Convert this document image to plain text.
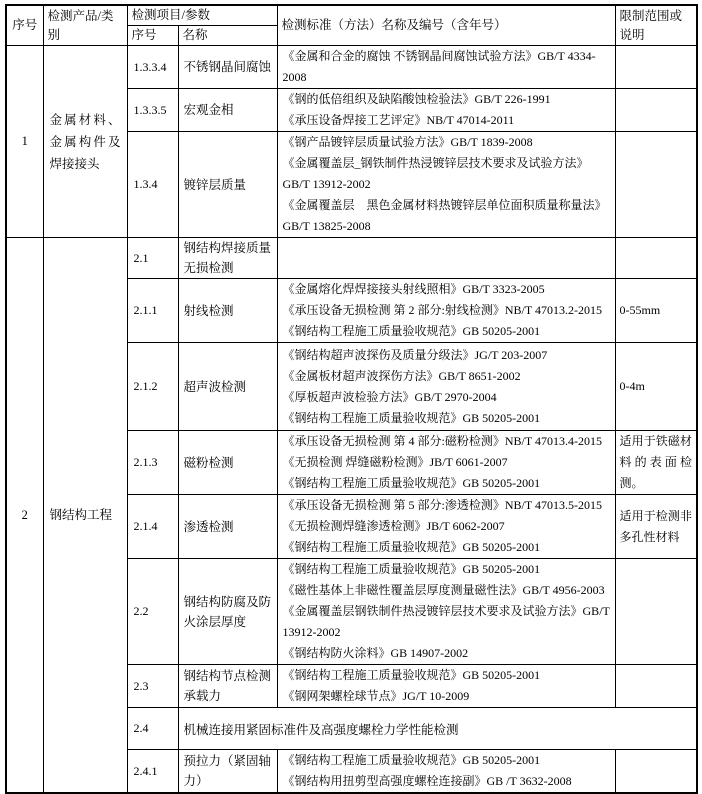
序号	检测产品/类别	检测项目/参数		检测标准（方法）名称及编号（含年号）	限制范围或说明
		序号	名称		
1	金属材料、金属构件及焊接接头	1.3.3.4	不锈钢晶间腐蚀	《金属和合金的腐蚀 不锈钢晶间腐蚀试验方法》GB/T 4334-2008	

		1.3.3.5	宏观金相	《钢的低倍组织及缺陷酸蚀检验法》GB/T 226-1991
《承压设备焊接工艺评定》NB/T 47014-2011	

		1.3.4	镀锌层质量	《钢产品镀锌层质量试验方法》GB/T 1839-2008
《金属覆盖层_钢铁制件热浸镀锌层技术要求及试验方法》GB/T 13912-2002
《金属覆盖层　黑色金属材料热镀锌层单位面积质量称量法》GB/T 13825-2008	

2	钢结构工程	2.1	钢结构焊接质量无损检测		
		2.1.1	射线检测	《金属熔化焊焊接接头射线照相》GB/T 3323-2005
《承压设备无损检测 第 2 部分:射线检测》NB/T 47013.2-2015
《钢结构工程施工质量验收规范》GB 50205-2001	0-55mm
		2.1.2	超声波检测	《钢结构超声波探伤及质量分级法》JG/T 203-2007
《金属板材超声波探伤方法》GB/T 8651-2002
《厚板超声波检验方法》GB/T 2970-2004
《钢结构工程施工质量验收规范》GB 50205-2001	0-4m
		2.1.3	磁粉检测	《承压设备无损检测 第 4 部分:磁粉检测》NB/T 47013.4-2015
《无损检测 焊缝磁粉检测》JB/T 6061-2007
《钢结构工程施工质量验收规范》GB 50205-2001	适用于铁磁材料的表面检测。
		2.1.4	渗透检测	《承压设备无损检测 第 5 部分:渗透检测》NB/T 47013.5-2015
《无损检测焊缝渗透检测》JB/T 6062-2007
《钢结构工程施工质量验收规范》GB 50205-2001	适用于检测非多孔性材料
		2.2	钢结构防腐及防火涂层厚度	《钢结构工程施工质量验收规范》GB 50205-2001
《磁性基体上非磁性覆盖层厚度测量磁性法》GB/T 4956-2003
《金属覆盖层钢铁制件热浸镀锌层技术要求及试验方法》GB/T 13912-2002
《钢结构防火涂料》GB 14907-2002	

		2.3	钢结构节点检测承载力	《钢结构工程施工质量验收规范》GB 50205-2001
《钢网架螺栓球节点》JG/T 10-2009	

		2.4	机械连接用紧固标准件及高强度螺栓力学性能检测		
		2.4.1	预拉力（紧固轴力）	《钢结构工程施工质量验收规范》GB 50205-2001
《钢结构用扭剪型高强度螺栓连接副》GB /T 3632-2008	
